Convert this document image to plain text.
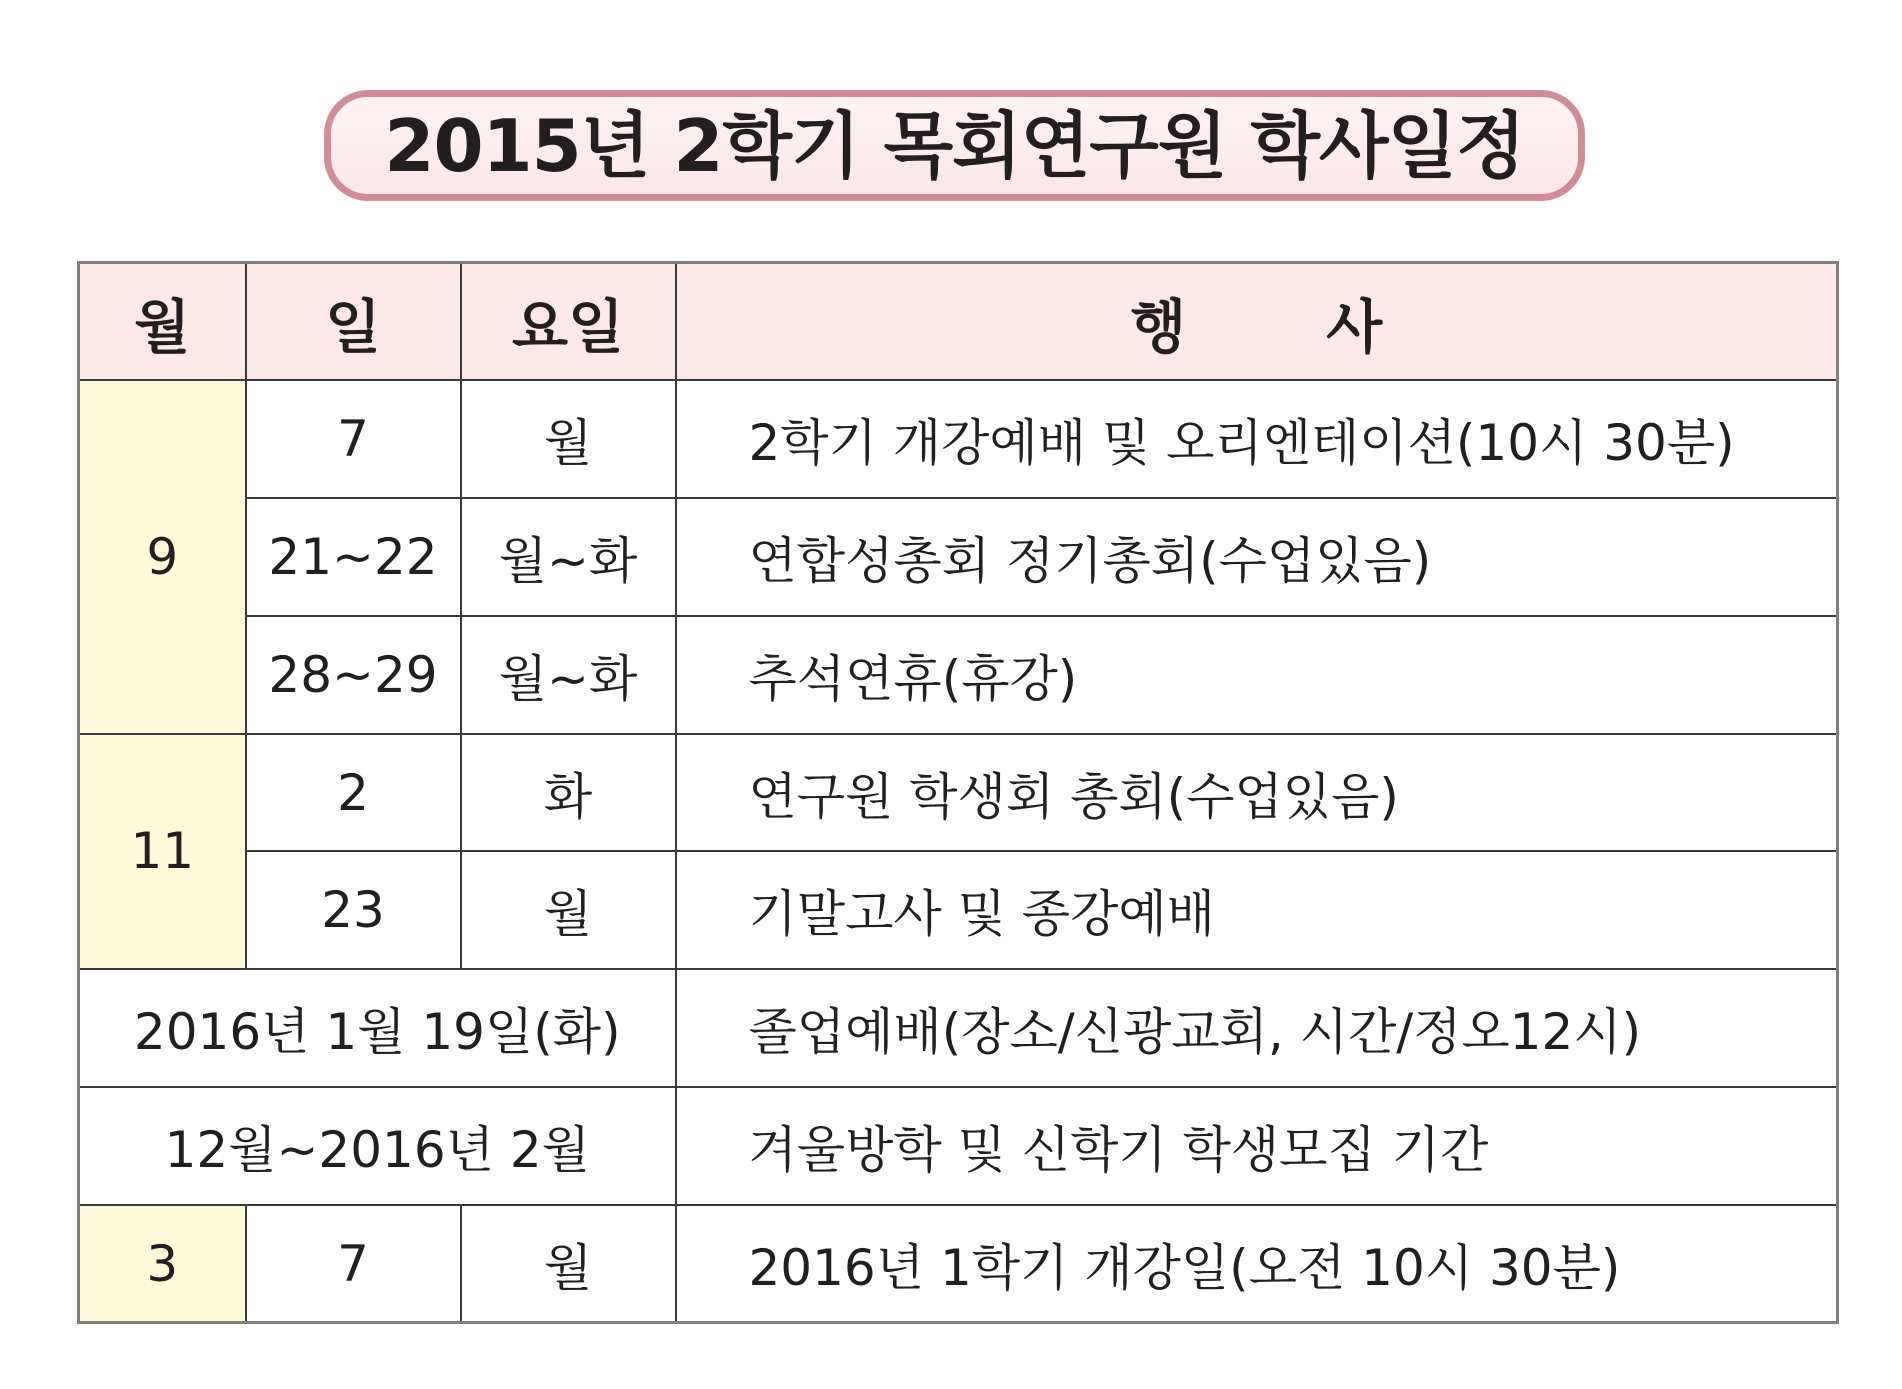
2015년 2학기 목회연구원 학사일정
월	일	요일	행 사
9	7	월	2학기 개강예배 및 오리엔테이션(10시 30분)
	21~22	월~화	연합성총회 정기총회(수업있음)
	28~29	월~화	추석연휴(휴강)
11	2	화	연구원 학생회 총회(수업있음)
	23	월	기말고사 및 종강예배
2016년 1월 19일(화)			졸업예배(장소/신광교회, 시간/정오12시)
12월~2016년 2월			겨울방학 및 신학기 학생모집 기간
3	7	월	2016년 1학기 개강일(오전 10시 30분)
